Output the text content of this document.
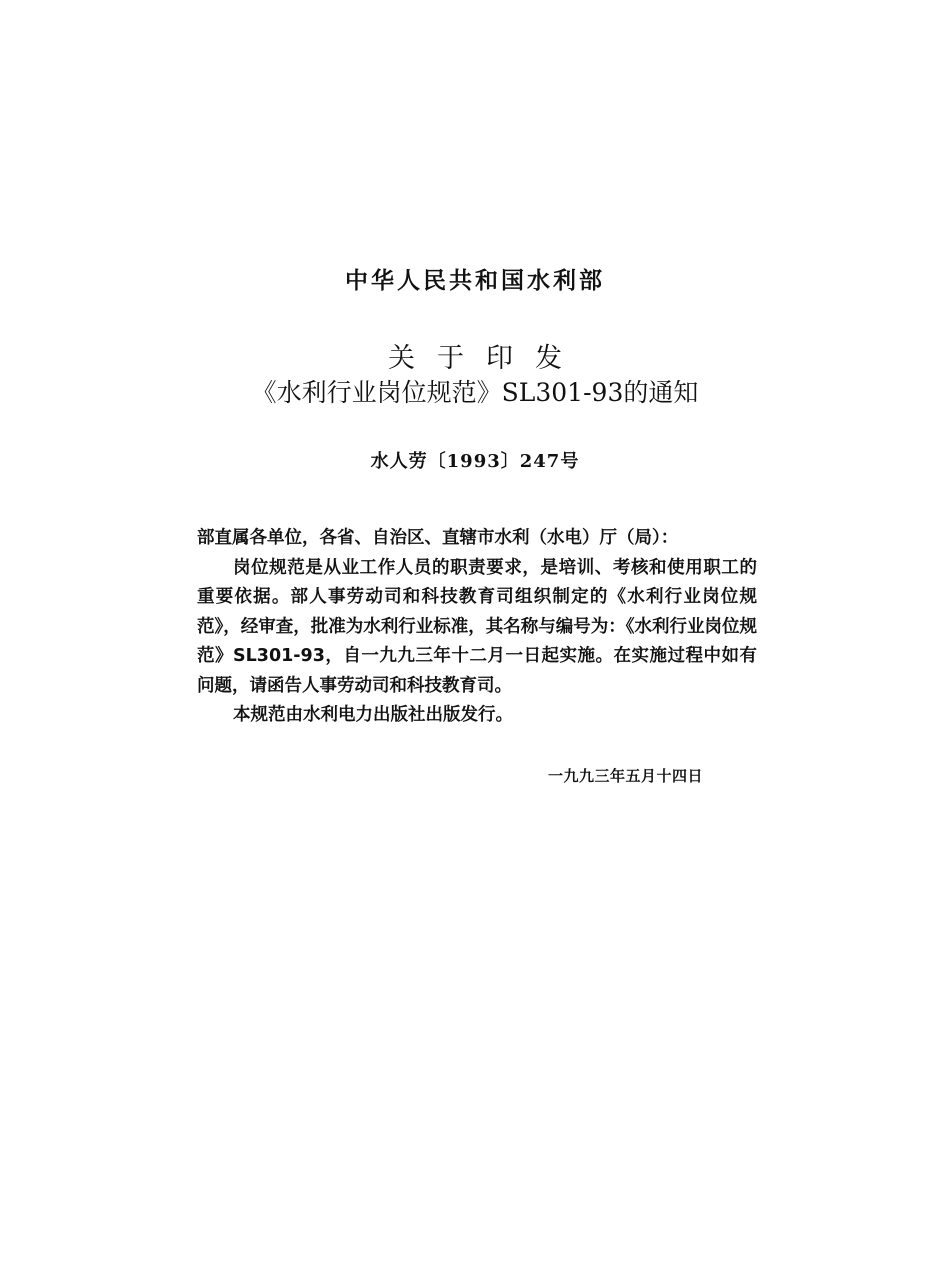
中华人民共和国水利部
关于印发
《水利行业岗位规范》SL301-93的通知
水人劳〔1993〕247号

部直属各单位，各省、自治区、直辖市水利（水电）厅（局）：

岗位规范是从业工作人员的职责要求，是培训、考核和使用职工的重要依据。部人事劳动司和科技教育司组织制定的《水利行业岗位规范》，经审查，批准为水利行业标准，其名称与编号为：《水利行业岗位规范》SL301-93，自一九九三年十二月一日起实施。在实施过程中如有问题，请函告人事劳动司和科技教育司。

本规范由水利电力出版社出版发行。

一九九三年五月十四日
